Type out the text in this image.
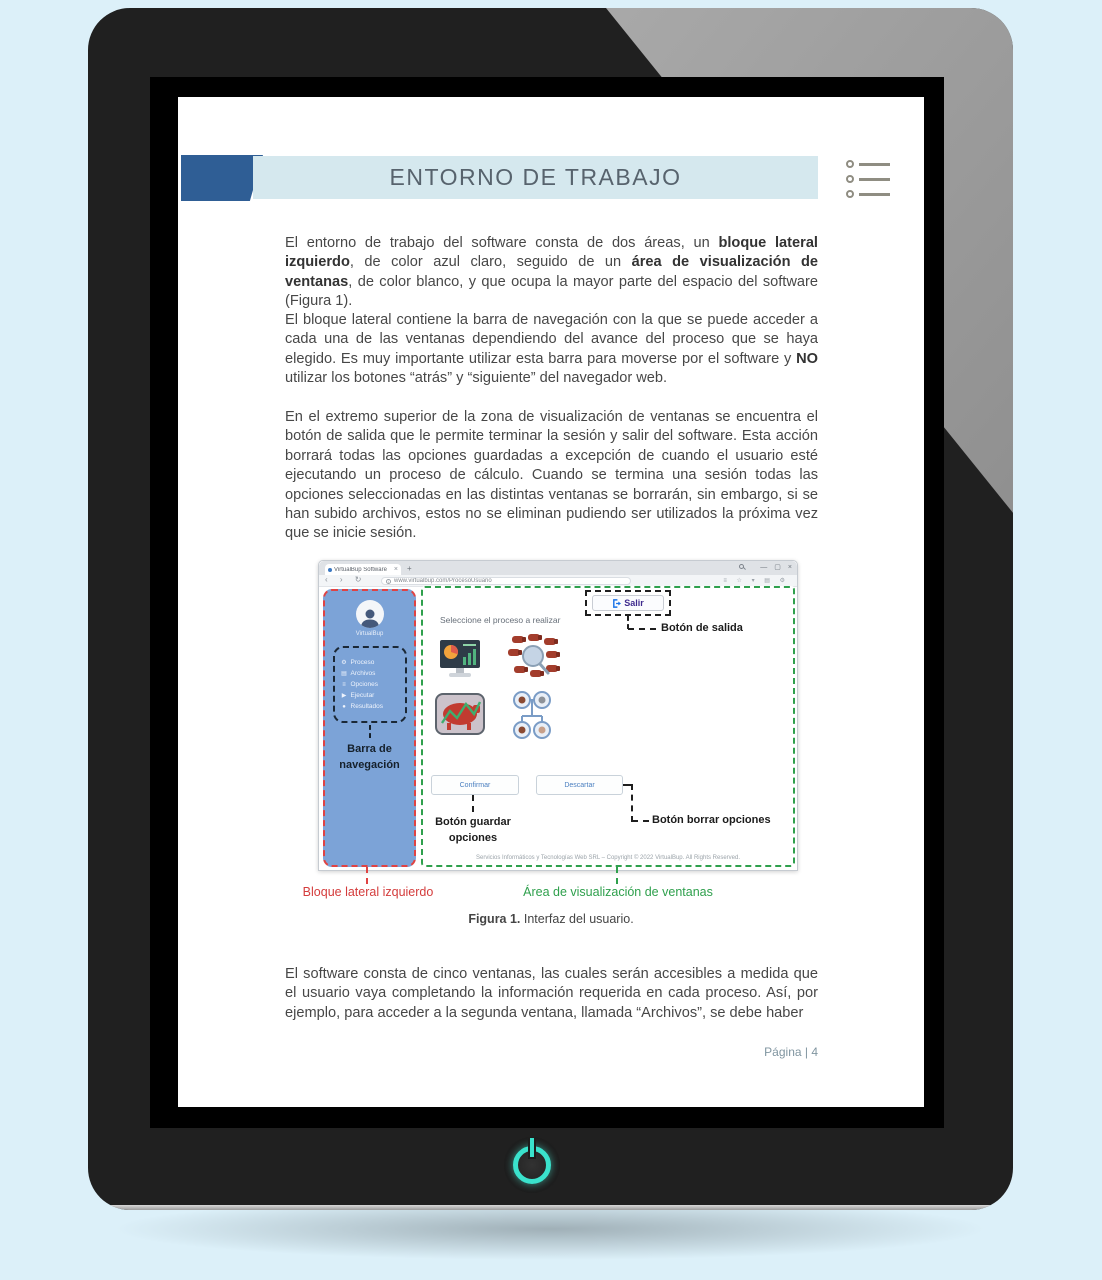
ENTORNO DE TRABAJO

El entorno de trabajo del software consta de dos áreas, un bloque lateral izquierdo, de color azul claro, seguido de un área de visualización de ventanas, de color blanco, y que ocupa la mayor parte del espacio del software (Figura 1).

El bloque lateral contiene la barra de navegación con la que se puede acceder a cada una de las ventanas dependiendo del avance del proceso que se haya elegido. Es muy importante utilizar esta barra para moverse por el software y NO utilizar los botones “atrás” y “siguiente” del navegador web.

En el extremo superior de la zona de visualización de ventanas se encuentra el botón de salida que le permite terminar la sesión y salir del software. Esta acción borrará todas las opciones guardadas a excepción de cuando el usuario esté ejecutando un proceso de cálculo. Cuando se termina una sesión todas las opciones seleccionadas en las distintas ventanas se borrarán, sin embargo, si se han subido archivos, estos no se eliminan pudiendo ser utilizados la próxima vez que se inicie sesión.

VirtualBup Software × +	— ▢ ×
‹ › ↻	i www.virtualbup.com/ProcesoUsuario	≡ ☆ ▾ ▤ ⚙
VirtualBup
⚙ Proceso
▤ Archivos
≡ Opciones
▶ Ejecutar
● Resultados
Barra de navegación
Salir
Botón de salida
Seleccione el proceso a realizar
Confirmar	Descartar
Botón guardar opciones
Botón borrar opciones
Servicios Informáticos y Tecnologías Web SRL – Copyright © 2022 VirtualBup. All Rights Reserved.
Bloque lateral izquierdo	Área de visualización de ventanas
Figura 1. Interfaz del usuario.

El software consta de cinco ventanas, las cuales serán accesibles a medida que el usuario vaya completando la información requerida en cada proceso. Así, por ejemplo, para acceder a la segunda ventana, llamada “Archivos”, se debe haber

Página | 4
